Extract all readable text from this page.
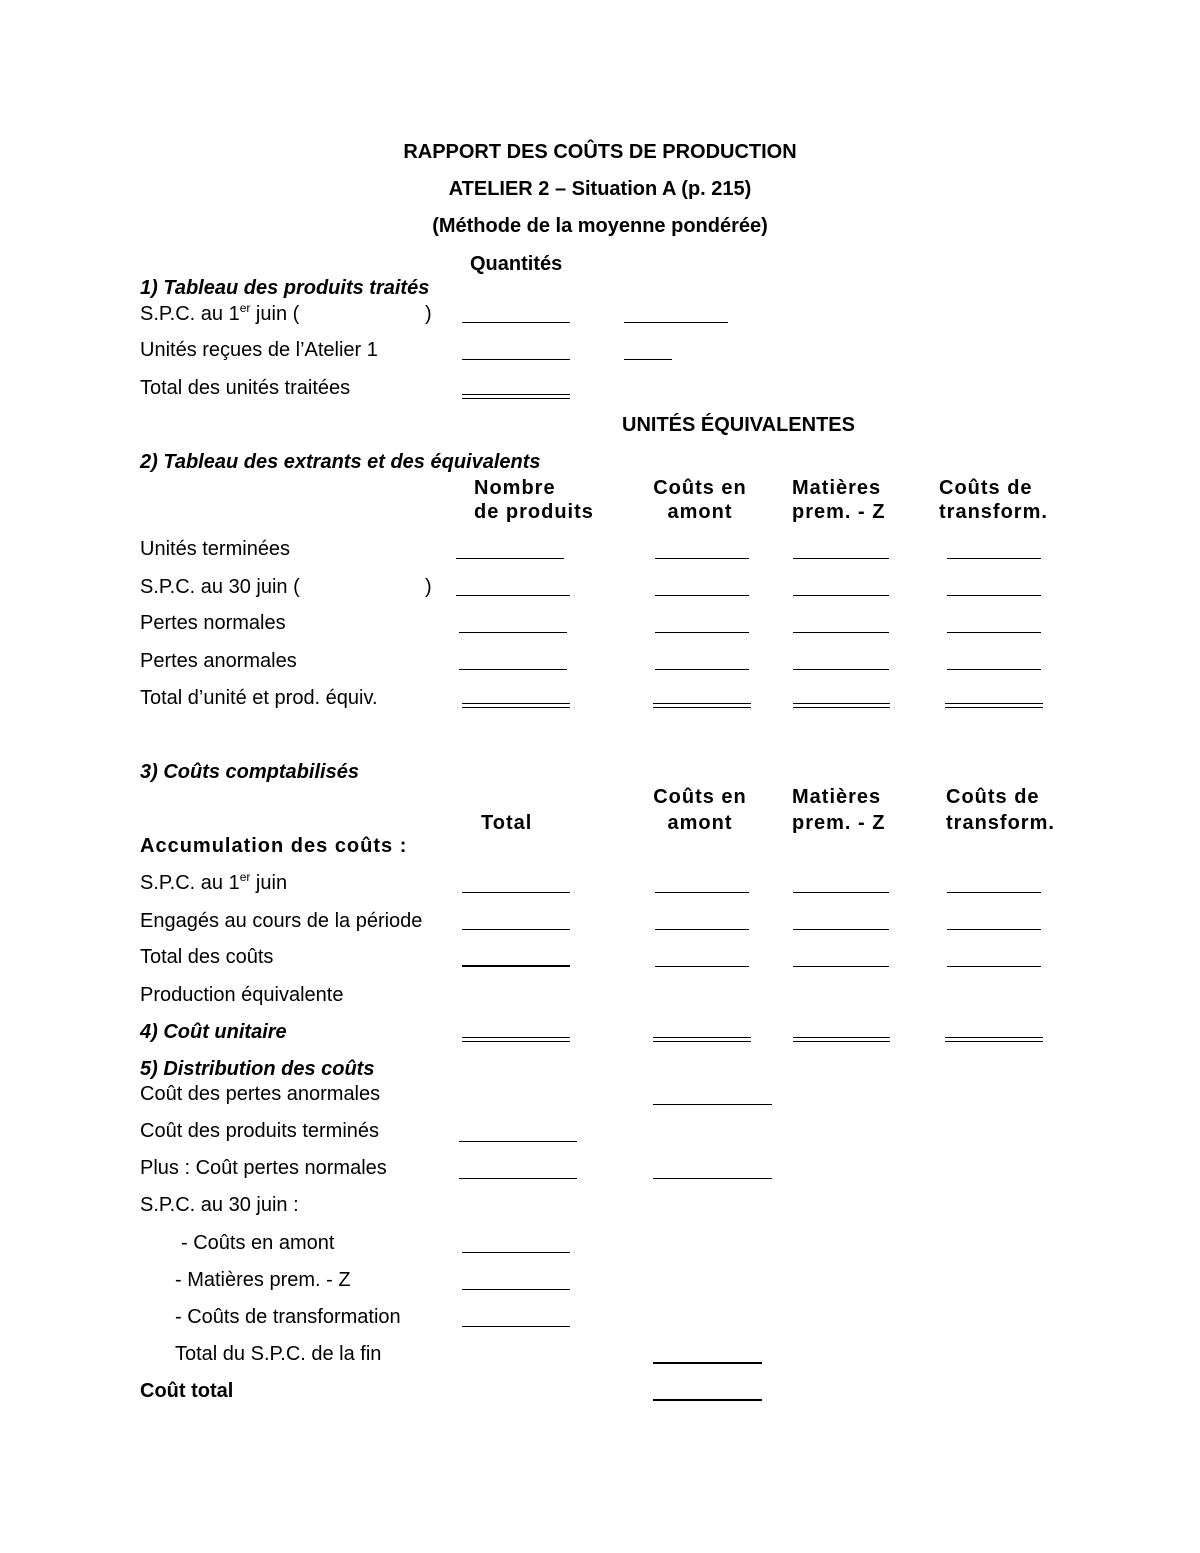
RAPPORT DES COÛTS DE PRODUCTION
ATELIER 2 – Situation A (p. 215)
(Méthode de la moyenne pondérée)
Quantités
1) Tableau des produits traités
S.P.C. au 1er juin (	)
Unités reçues de l’Atelier 1
Total des unités traitées
UNITÉS ÉQUIVALENTES
2) Tableau des extrants et des équivalents
Nombre
de produits
Coûts en
amont
Matières
prem. - Z
Coûts de
transform.
Unités terminées
S.P.C. au 30 juin (	)
Pertes normales
Pertes anormales
Total d’unité et prod. équiv.
3) Coûts comptabilisés
Coûts en
amont
Matières
prem. - Z
Coûts de
transform.
Total
Accumulation des coûts :
S.P.C. au 1er juin
Engagés au cours de la période
Total des coûts
Production équivalente
4) Coût unitaire
5) Distribution des coûts
Coût des pertes anormales
Coût des produits terminés
Plus : Coût pertes normales
S.P.C. au 30 juin :
- Coûts en amont
- Matières prem. - Z
- Coûts de transformation
Total du S.P.C. de la fin
Coût total
